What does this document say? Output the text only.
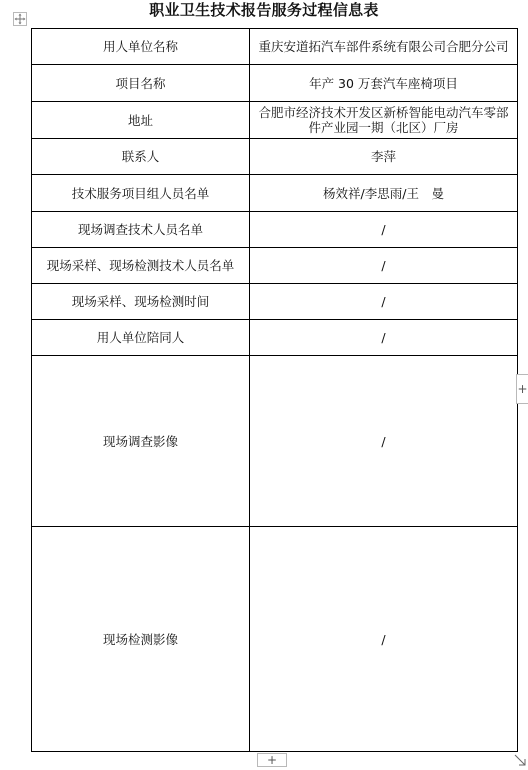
职业卫生技术报告服务过程信息表
用人单位名称	重庆安道拓汽车部件系统有限公司合肥分公司
项目名称	年产 30 万套汽车座椅项目
地址	合肥市经济技术开发区新桥智能电动汽车零部件产业园一期（北区）厂房
联系人	李萍
技术服务项目组人员名单	杨效祥/李思雨/王　曼
现场调查技术人员名单	/
现场采样、现场检测技术人员名单	/
现场采样、现场检测时间	/
用人单位陪同人	/
现场调查影像	/
现场检测影像	/
+
+
